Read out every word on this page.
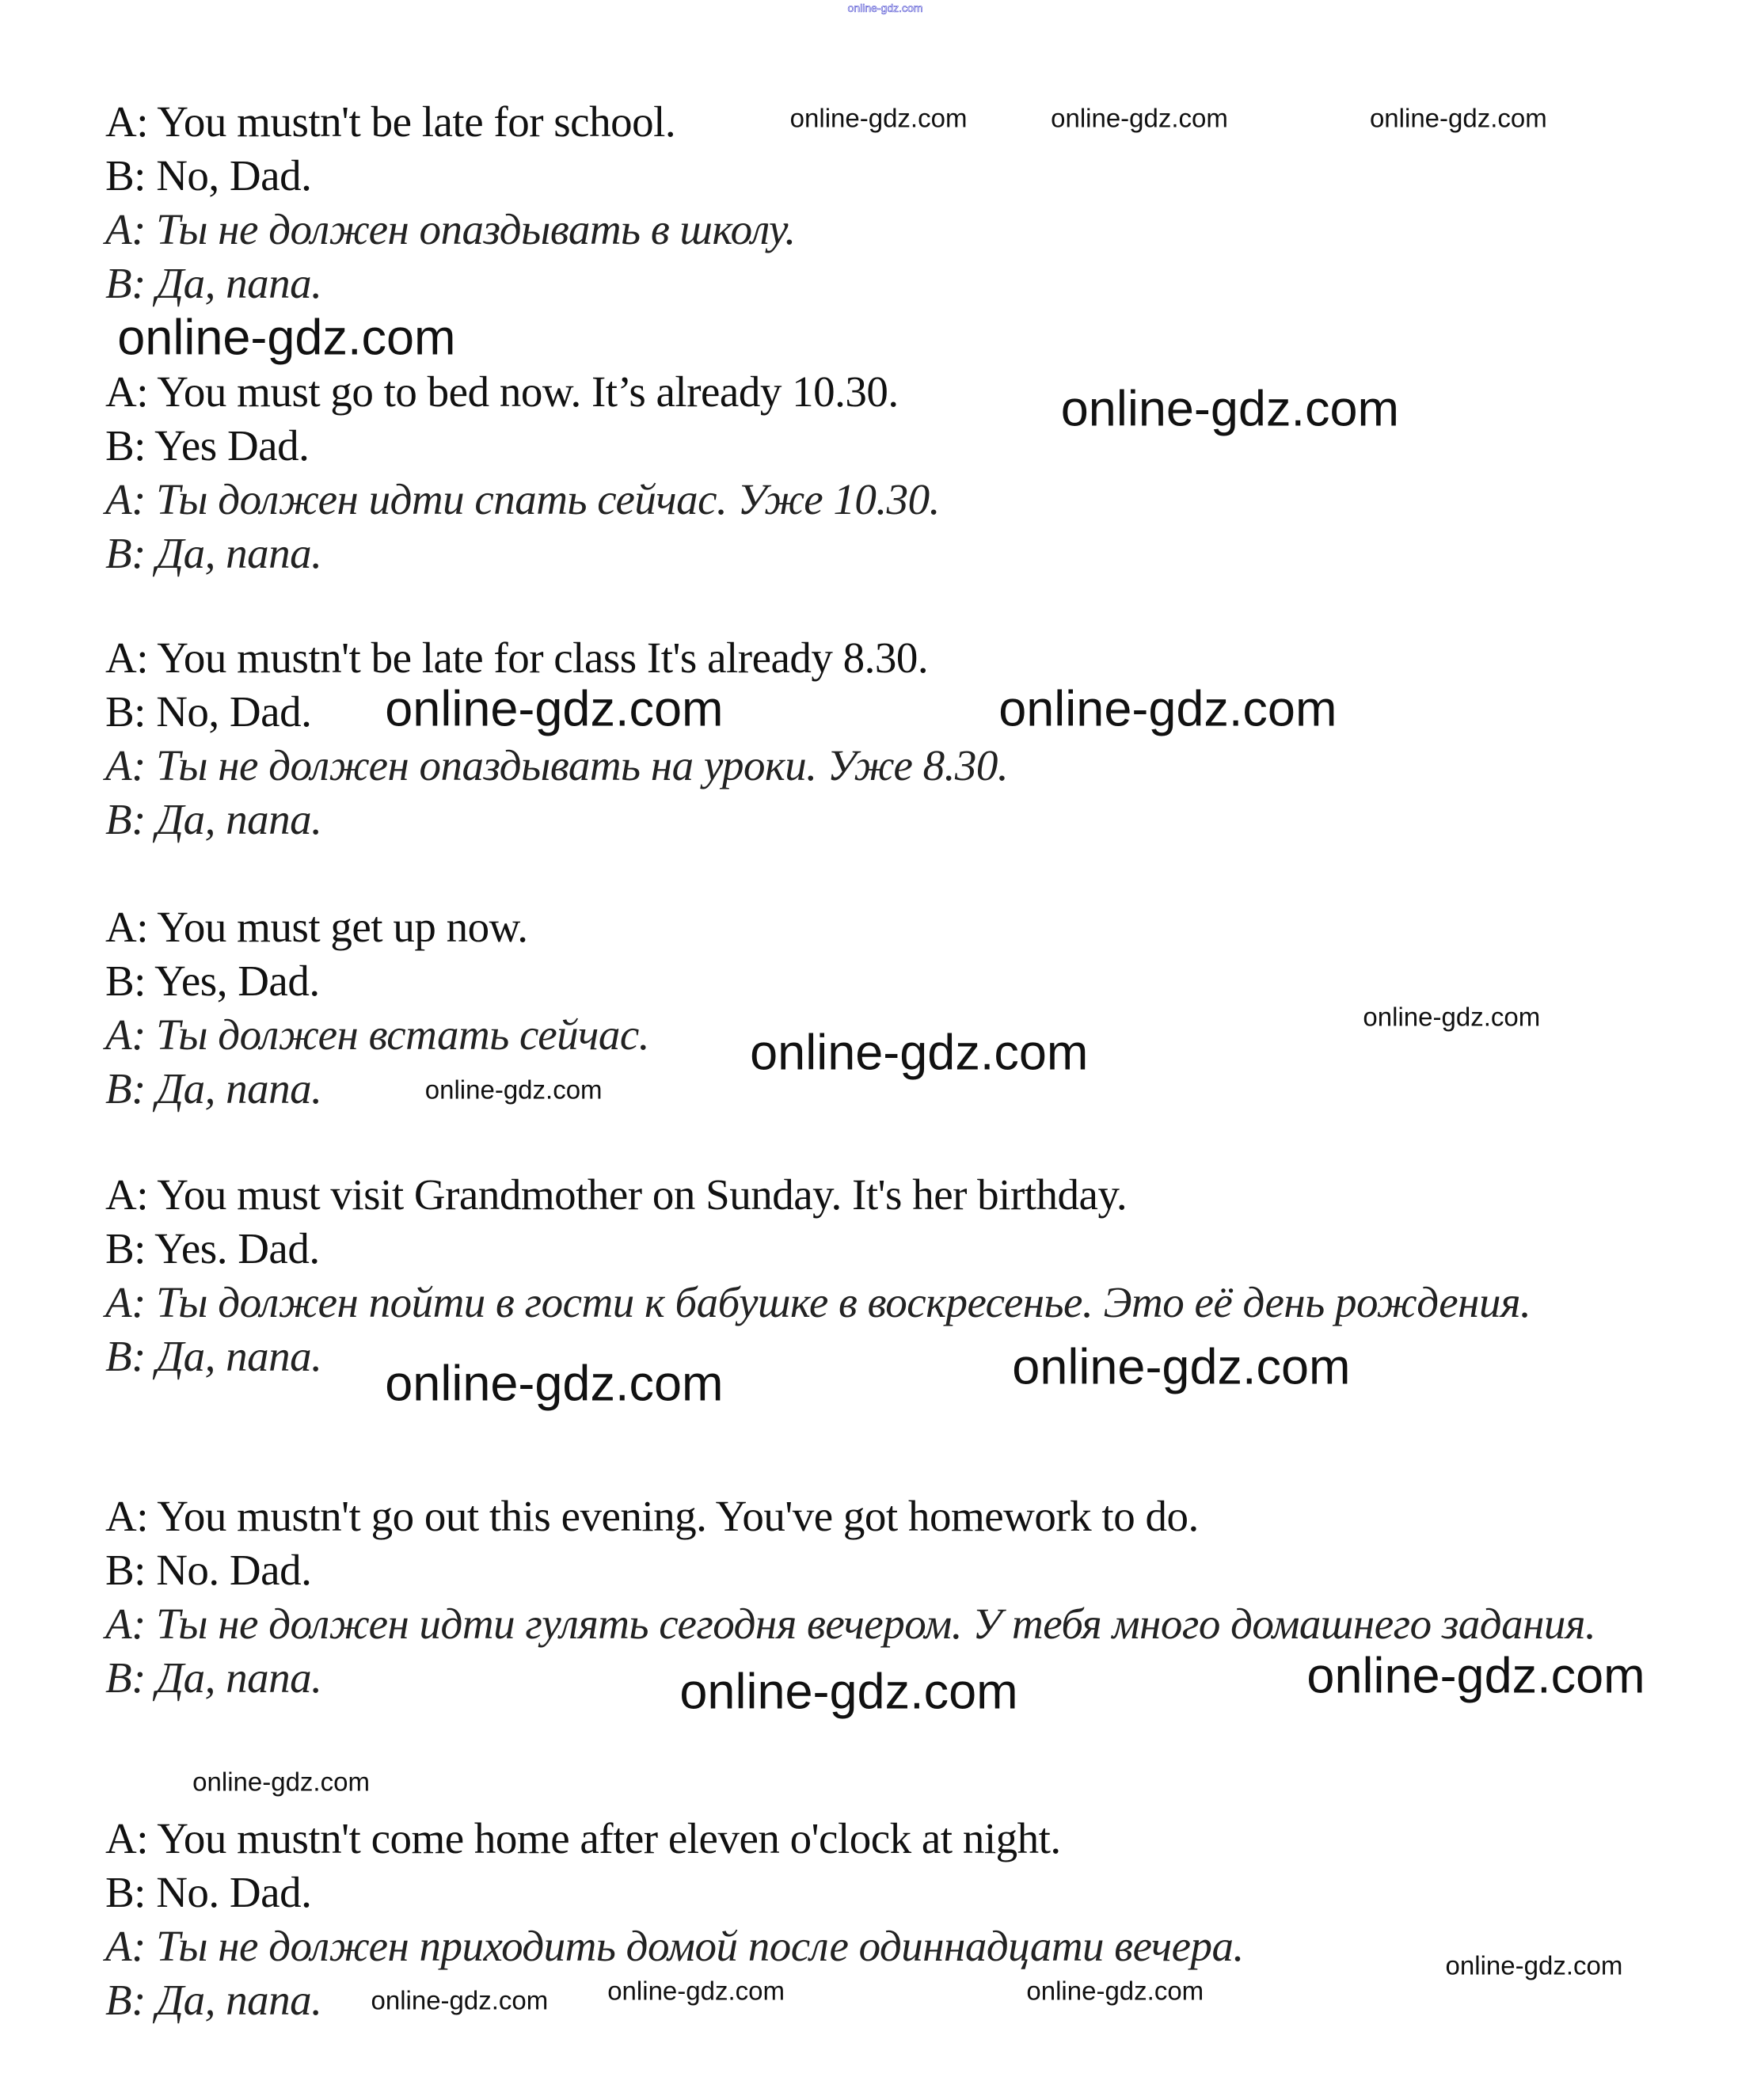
online-gdz.com
A: You mustn't be late for school.
B: No, Dad.
A: Ты не должен опаздывать в школу.
B: Да, папа.
A: You must go to bed now. It’s already 10.30.
B: Yes Dad.
A: Ты должен идти спать сейчас. Уже 10.30.
B: Да, папа.
A: You mustn't be late for class It's already 8.30.
B: No, Dad.
A: Ты не должен опаздывать на уроки. Уже 8.30.
B: Да, папа.
A: You must get up now.
B: Yes, Dad.
A: Ты должен встать сейчас.
B: Да, папа.
A: You must visit Grandmother on Sunday. It's her birthday.
B: Yes. Dad.
A: Ты должен пойти в гости к бабушке в воскресенье. Это её день рождения.
B: Да, папа.
A: You mustn't go out this evening. You've got homework to do.
B: No. Dad.
A: Ты не должен идти гулять сегодня вечером. У тебя много домашнего задания.
B: Да, папа.
A: You mustn't come home after eleven o'clock at night.
B: No. Dad.
A: Ты не должен приходить домой после одиннадцати вечера.
B: Да, папа.
online-gdz.com	online-gdz.com	online-gdz.com
online-gdz.com
online-gdz.com
online-gdz.com
online-gdz.com online-gdz.com	online-gdz.com
online-gdz.com
online-gdz.com
online-gdz.com
online-gdz.com	online-gdz.com
online-gdz.com
online-gdz.com
online-gdz.com
online-gdz.com	online-gdz.com
